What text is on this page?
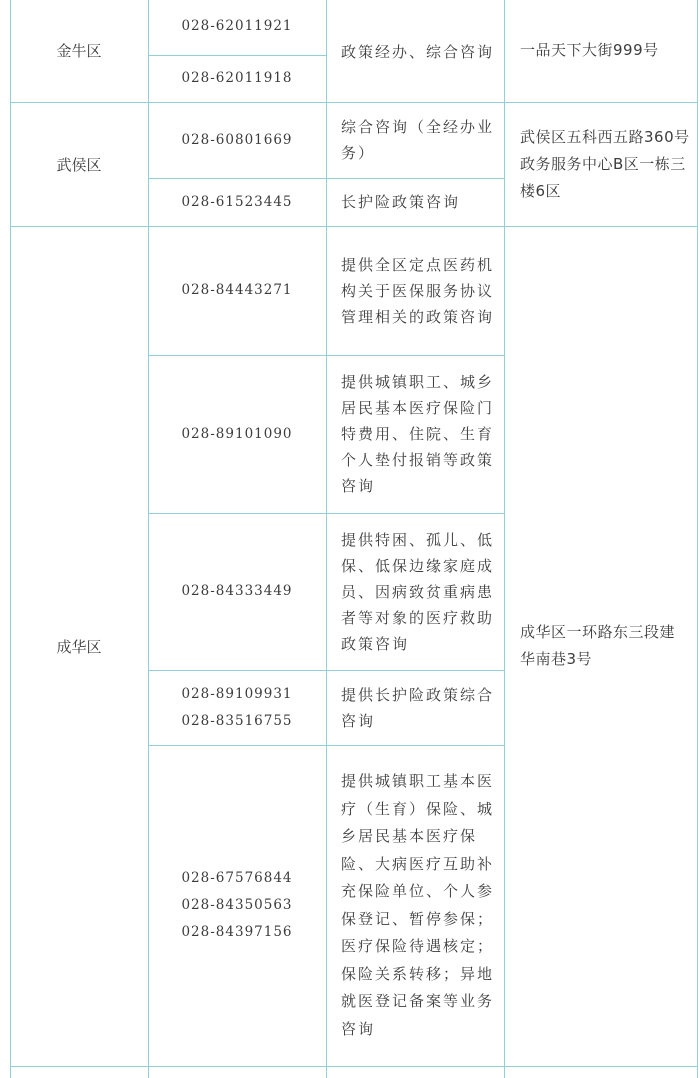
金牛区
028-62011921
028-62011918
政策经办、综合咨询 一品天下大街999号
武侯区
028-60801669
综合咨询（全经办业务）
028-61523445	长护险政策咨询
武侯区五科西五路360号政务服务中心B区一栋三楼6区
成华区
028-84443271
提供全区定点医药机构关于医保服务协议管理相关的政策咨询
028-89101090
提供城镇职工、城乡居民基本医疗保险门特费用、住院、生育个人垫付报销等政策咨询
028-84333449
提供特困、孤儿、低保、低保边缘家庭成员、因病致贫重病患者等对象的医疗救助政策咨询
028-89109931
028-83516755
提供长护险政策综合咨询
028-67576844
028-84350563
028-84397156
提供城镇职工基本医疗（生育）保险、城乡居民基本医疗保险、大病医疗互助补充保险单位、个人参保登记、暂停参保；医疗保险待遇核定；保险关系转移；异地就医登记备案等业务咨询
成华区一环路东三段建华南巷3号
